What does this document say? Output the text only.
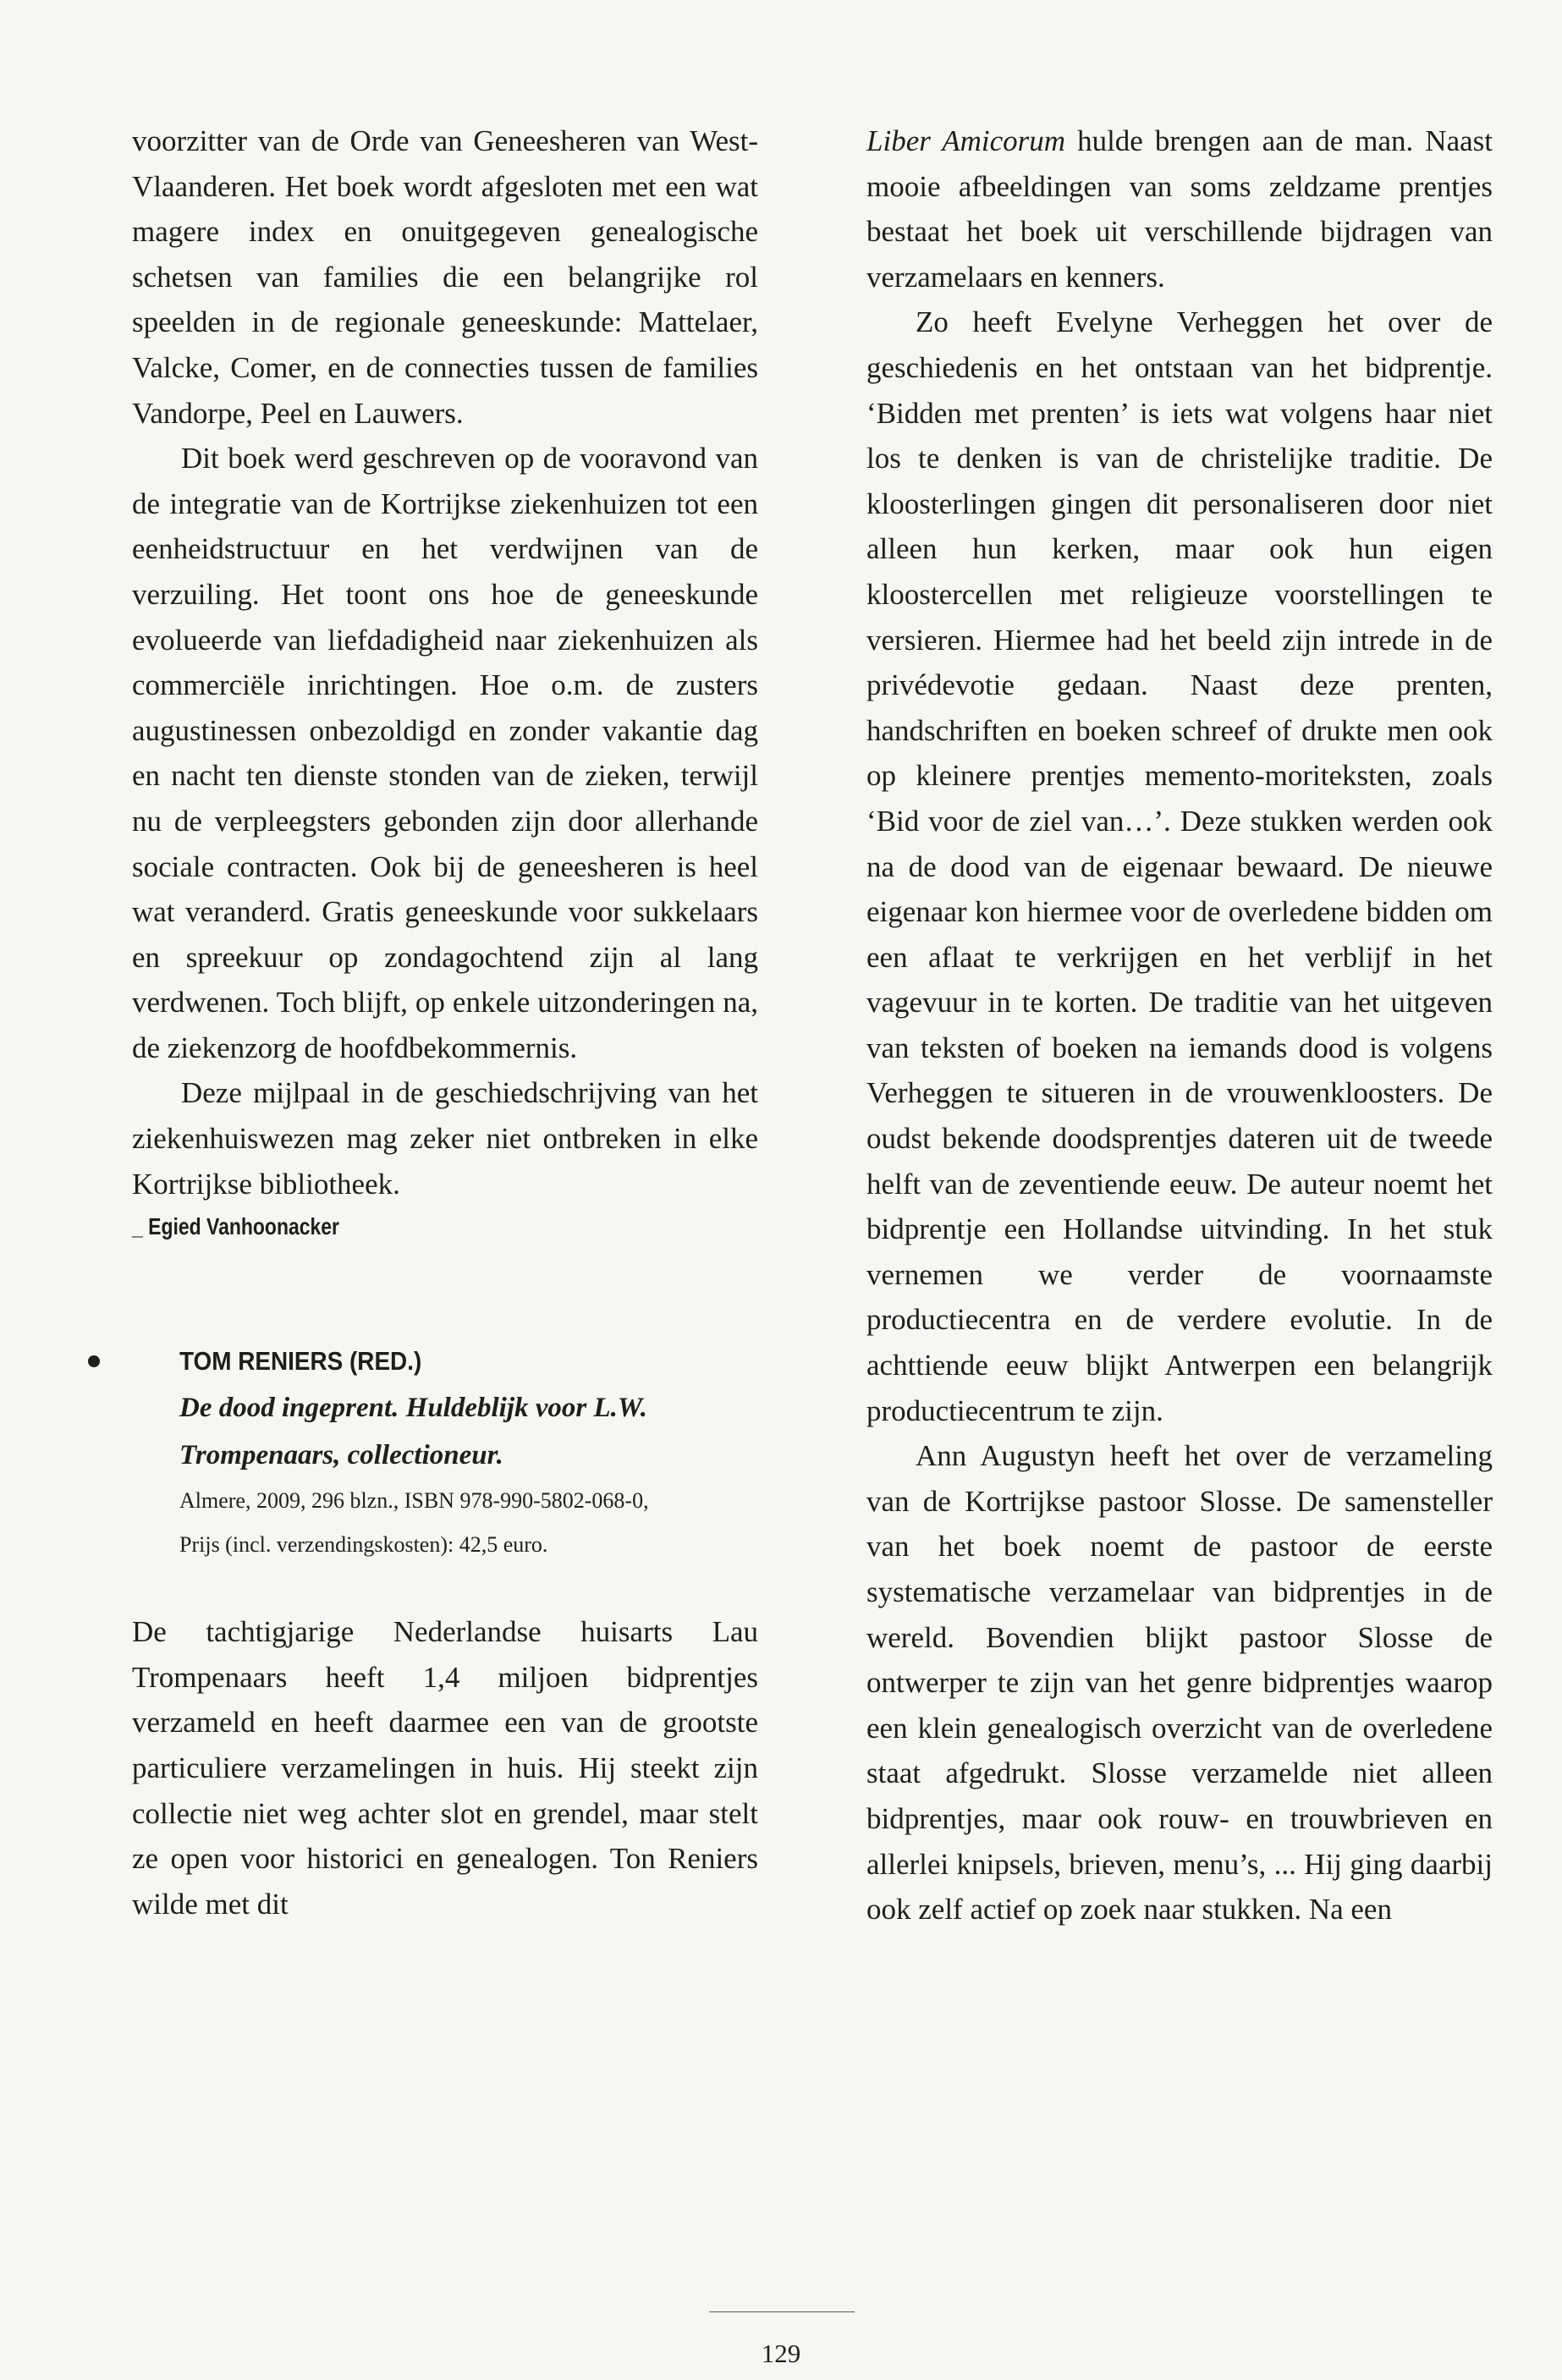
voorzitter van de Orde van Geneesheren van West-Vlaanderen. Het boek wordt afgesloten met een wat magere index en onuitgegeven genealogische schetsen van families die een belangrijke rol speelden in de regionale geneeskunde: Mattelaer, Valcke, Comer, en de connecties tussen de families Vandorpe, Peel en Lauwers.

Dit boek werd geschreven op de vooravond van de integratie van de Kortrijkse ziekenhuizen tot een eenheidstructuur en het verdwijnen van de verzuiling. Het toont ons hoe de geneeskunde evolueerde van liefdadigheid naar ziekenhuizen als commerciële inrichtingen. Hoe o.m. de zusters augustinessen onbezoldigd en zonder vakantie dag en nacht ten dienste stonden van de zieken, terwijl nu de verpleegsters gebonden zijn door allerhande sociale contracten. Ook bij de geneesheren is heel wat veranderd. Gratis geneeskunde voor sukkelaars en spreekuur op zondagochtend zijn al lang verdwenen. Toch blijft, op enkele uitzonderingen na, de ziekenzorg de hoofdbekommernis.

Deze mijlpaal in de geschiedschrijving van het ziekenhuiswezen mag zeker niet ontbreken in elke Kortrijkse bibliotheek.

_ Egied Vanhoonacker

TOM RENIERS (RED.)

De dood ingeprent. Huldeblijk voor L.W.

Trompenaars, collectioneur.

Almere, 2009, 296 blzn., ISBN 978-990-5802-068-0,

Prijs (incl. verzendingskosten): 42,5 euro.

De tachtigjarige Nederlandse huisarts Lau Trompenaars heeft 1,4 miljoen bidprentjes verzameld en heeft daarmee een van de grootste particuliere verzamelingen in huis. Hij steekt zijn collectie niet weg achter slot en grendel, maar stelt ze open voor historici en genealogen. Ton Reniers wilde met dit

Liber Amicorum hulde brengen aan de man. Naast mooie afbeeldingen van soms zeldzame prentjes bestaat het boek uit verschillende bijdragen van verzamelaars en kenners.

Zo heeft Evelyne Verheggen het over de geschiedenis en het ontstaan van het bidprentje. ‘Bidden met prenten’ is iets wat volgens haar niet los te denken is van de christelijke traditie. De kloosterlingen gingen dit personaliseren door niet alleen hun kerken, maar ook hun eigen kloostercellen met religieuze voorstellingen te versieren. Hiermee had het beeld zijn intrede in de privédevotie gedaan. Naast deze prenten, handschriften en boeken schreef of drukte men ook op kleinere prentjes memento-moriteksten, zoals ‘Bid voor de ziel van…’. Deze stukken werden ook na de dood van de eigenaar bewaard. De nieuwe eigenaar kon hiermee voor de overledene bidden om een aflaat te verkrijgen en het verblijf in het vagevuur in te korten. De traditie van het uitgeven van teksten of boeken na iemands dood is volgens Verheggen te situeren in de vrouwenkloosters. De oudst bekende doodsprentjes dateren uit de tweede helft van de zeventiende eeuw. De auteur noemt het bidprentje een Hollandse uitvinding. In het stuk vernemen we verder de voornaamste productiecentra en de verdere evolutie. In de achttiende eeuw blijkt Antwerpen een belangrijk productiecentrum te zijn.

Ann Augustyn heeft het over de verzameling van de Kortrijkse pastoor Slosse. De samensteller van het boek noemt de pastoor de eerste systematische verzamelaar van bidprentjes in de wereld. Bovendien blijkt pastoor Slosse de ontwerper te zijn van het genre bidprentjes waarop een klein genealogisch overzicht van de overledene staat afgedrukt. Slosse verzamelde niet alleen bidprentjes, maar ook rouw- en trouwbrieven en allerlei knipsels, brieven, menu’s, ... Hij ging daarbij ook zelf actief op zoek naar stukken. Na een

129
